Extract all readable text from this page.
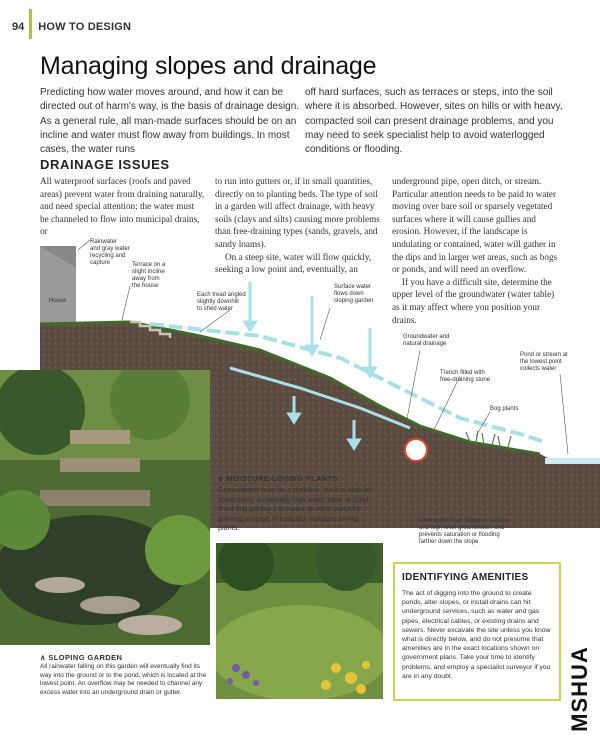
94 HOW TO DESIGN
Managing slopes and drainage

Predicting how water moves around, and how it can be directed out of harm's way, is the basis of drainage design. As a general rule, all man-made surfaces should be on an incline and water must flow away from buildings. In most cases, the water runs

off hard surfaces, such as terraces or steps, into the soil where it is absorbed. However, sites on hills or with heavy, compacted soil can present drainage problems, and you may need to seek specialist help to avoid waterlogged conditions or flooding.

DRAINAGE ISSUES

All waterproof surfaces (roofs and paved areas) prevent water from draining naturally, and need special attention; the water must be channeled to flow into municipal drains, or

to run into gutters or, if in small quantities, directly on to planting beds. The type of soil in a garden will affect drainage, with heavy soils (clays and silts) causing more problems than free-draining types (sands, gravels, and sandy loams).

On a steep site, water will flow quickly, seeking a low point and, eventually, an

underground pipe, open ditch, or stream. Particular attention needs to be paid to water moving over bare soil or sparsely vegetated surfaces where it will cause gullies and erosion. However, if the landscape is undulating or contained, water will gather in the dips and in larger wet areas, such as bogs or ponds, and will need an overflow.

If you have a difficult site, determine the upper level of the groundwater (water table) as it may affect where you position your drains.

Rainwater
and gray water
recycling and
capture	Terrace on a
slight incline
away from
the house
House
Each tread angled
slightly downhill
to shed water
Surface water
flows down
sloping garden
Groundwater and
natural drainage
Trench filled with
free-draining stone
Pond or stream at
the lowest point
collects water
Bog plants
Interceptor drain captures surface
and high-level groundwater, and
prevents saturation or flooding
farther down the slope
∨ MOISTURE-LOVING PLANTS

Groundwater may be a problem, but it is also an opportunity. A naturally high water table or butyl-lined bog garden can make an ideal place for growing a range of beautiful moisture-loving plants.

∧ SLOPING GARDEN

All rainwater falling on this garden will eventually find its way into the ground or to the pond, which is located at the lowest point. An overflow may be needed to channel any excess water into an underground drain or gutter.

IDENTIFYING AMENITIES

The act of digging into the ground to create ponds, alter slopes, or install drains can hit underground services, such as water and gas pipes, electrical cables, or existing drains and sewers. Never excavate the site unless you know what is directly below, and do not presume that amenities are in the exact locations shown on government plans. Take your time to identify problems, and employ a specialist surveyor if you are in any doubt.	MSHUA
